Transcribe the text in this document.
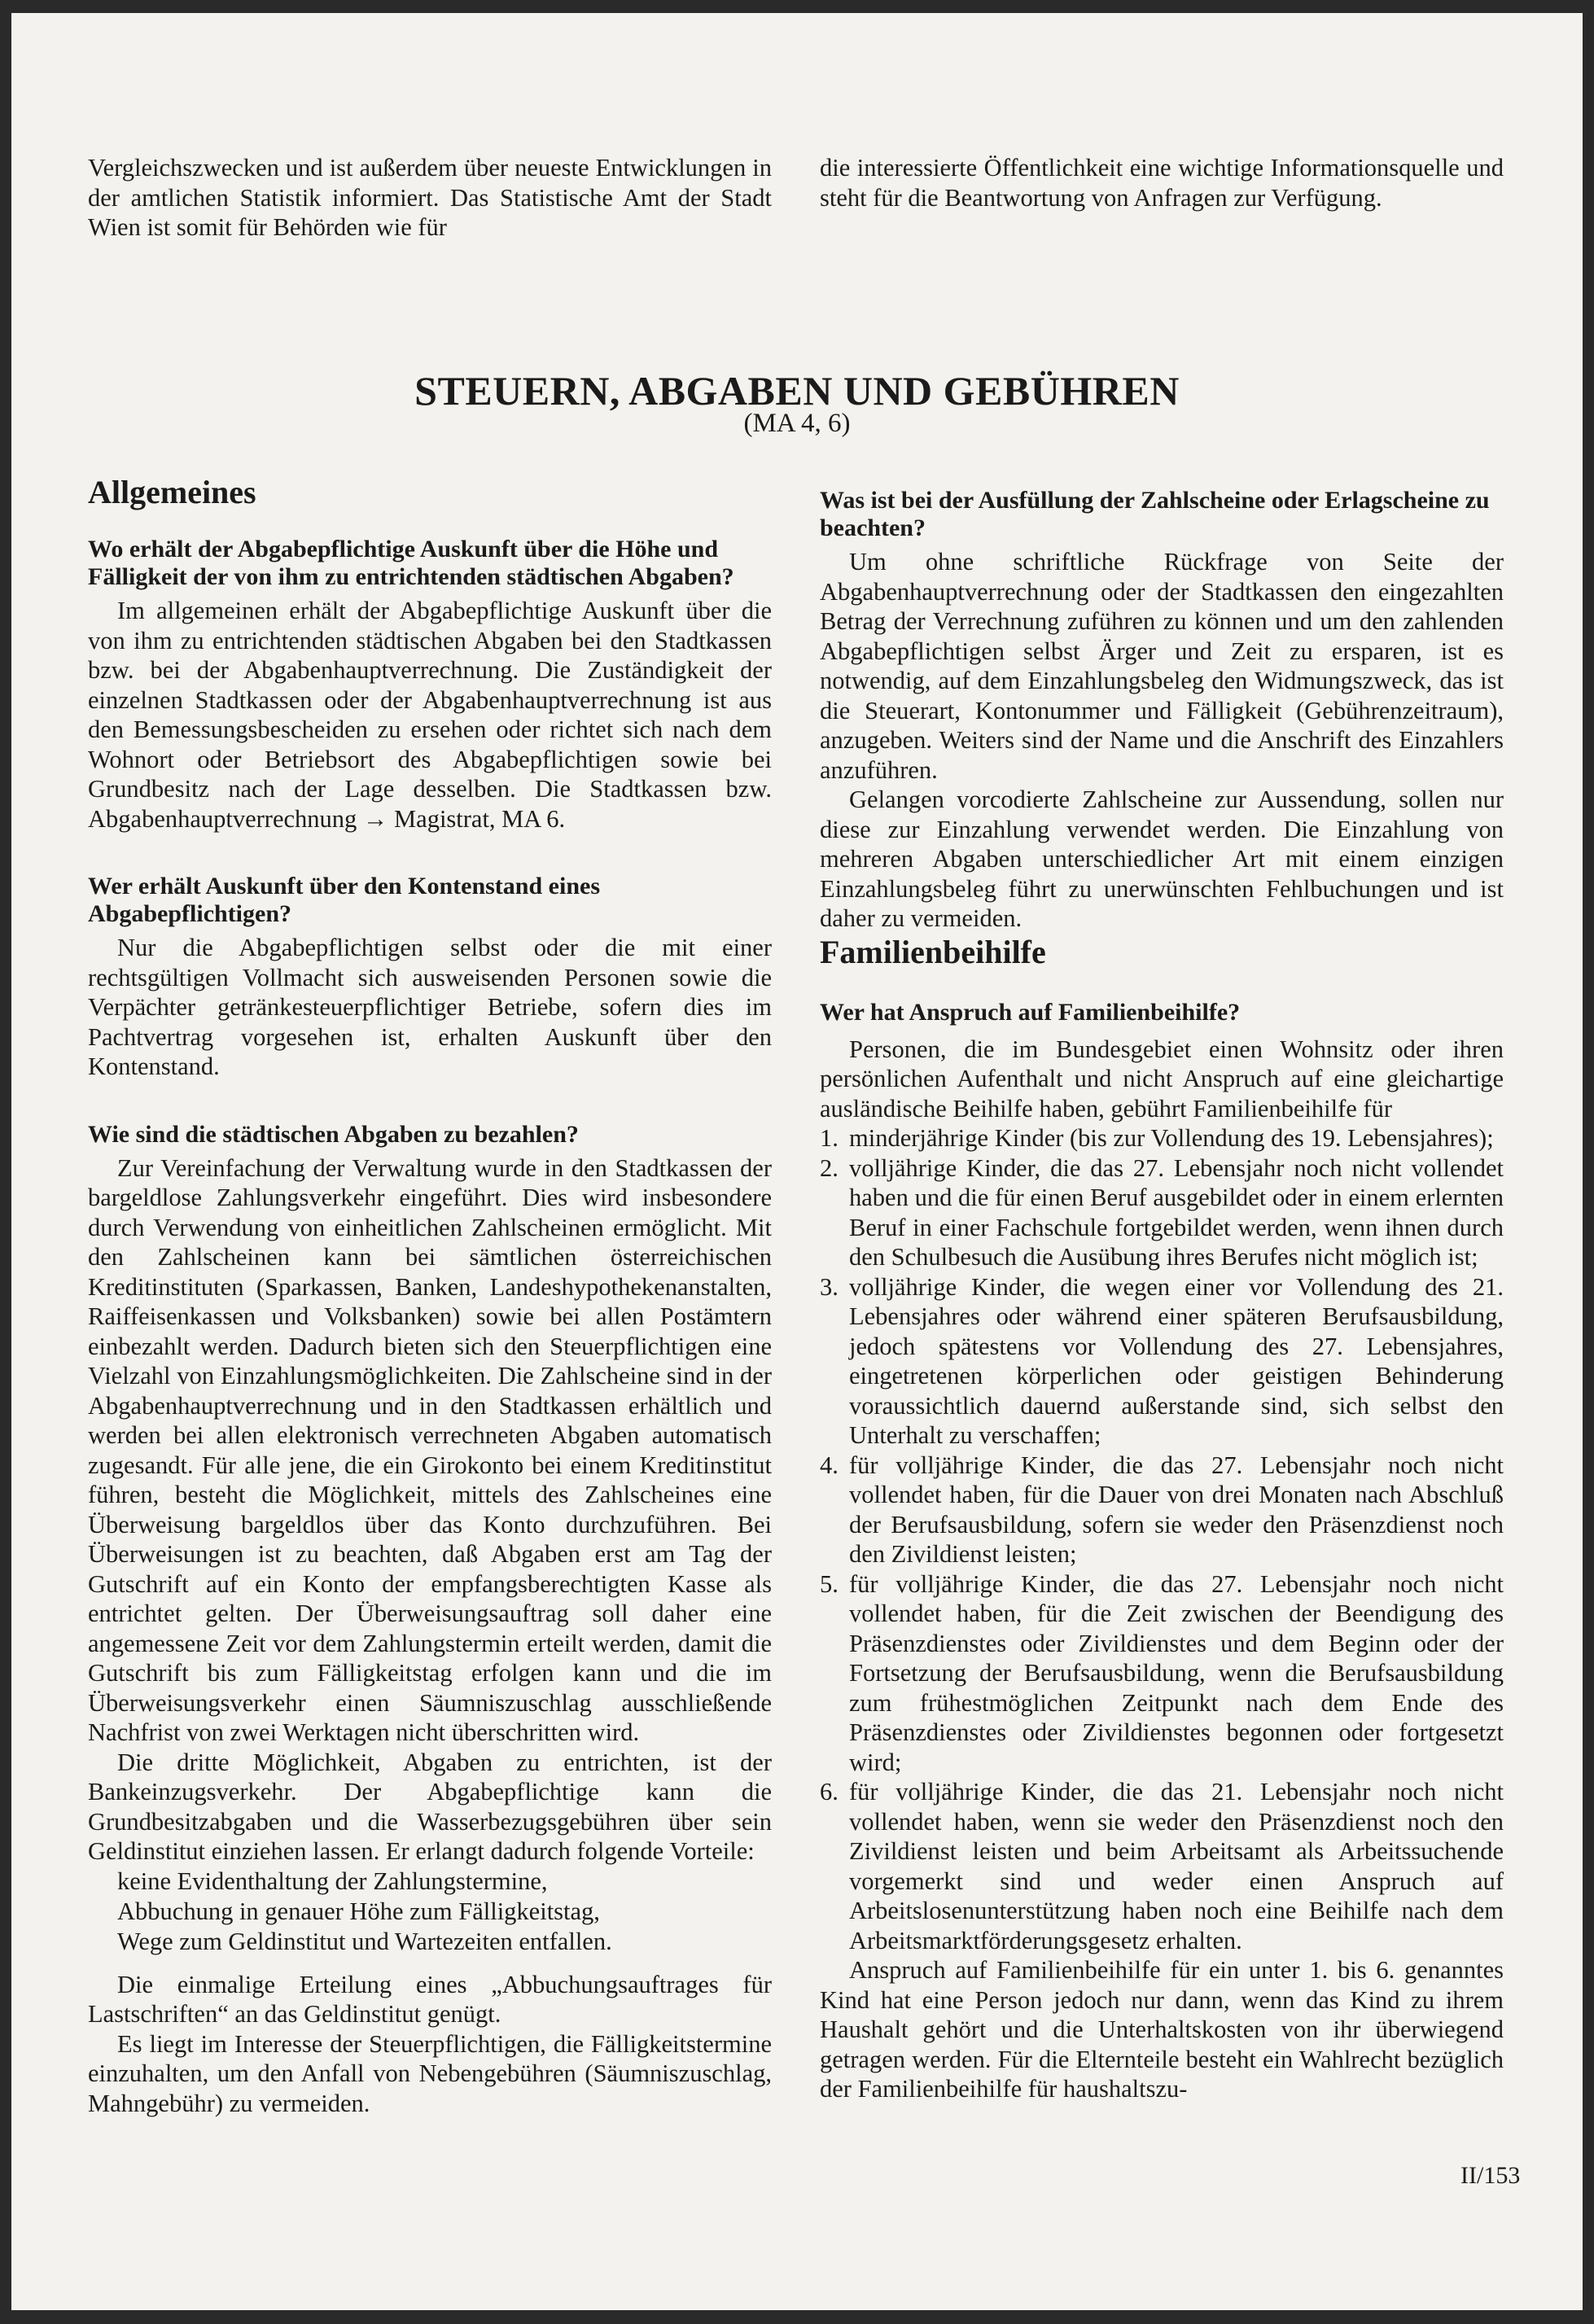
Vergleichszwecken und ist außerdem über neueste Entwicklungen in der amtlichen Statistik informiert. Das Statistische Amt der Stadt Wien ist somit für Behörden wie für

die interessierte Öffentlichkeit eine wichtige Informationsquelle und steht für die Beantwortung von Anfragen zur Verfügung.

STEUERN, ABGABEN UND GEBÜHREN
(MA 4, 6)
Allgemeines
Wo erhält der Abgabepflichtige Auskunft über die Höhe und Fälligkeit der von ihm zu entrichtenden städtischen Abgaben?

Im allgemeinen erhält der Abgabepflichtige Auskunft über die von ihm zu entrichtenden städtischen Abgaben bei den Stadtkassen bzw. bei der Abgabenhauptverrechnung. Die Zuständigkeit der einzelnen Stadtkassen oder der Abgabenhauptverrechnung ist aus den Bemessungsbescheiden zu ersehen oder richtet sich nach dem Wohnort oder Betriebsort des Abgabepflichtigen sowie bei Grundbesitz nach der Lage desselben. Die Stadtkassen bzw. Abgabenhauptverrechnung → Magistrat, MA 6.

Wer erhält Auskunft über den Kontenstand eines Abgabepflichtigen?

Nur die Abgabepflichtigen selbst oder die mit einer rechtsgültigen Vollmacht sich ausweisenden Personen sowie die Verpächter getränkesteuerpflichtiger Betriebe, sofern dies im Pachtvertrag vorgesehen ist, erhalten Auskunft über den Kontenstand.

Wie sind die städtischen Abgaben zu bezahlen?

Zur Vereinfachung der Verwaltung wurde in den Stadtkassen der bargeldlose Zahlungsverkehr eingeführt. Dies wird insbesondere durch Verwendung von einheitlichen Zahlscheinen ermöglicht. Mit den Zahlscheinen kann bei sämtlichen österreichischen Kreditinstituten (Sparkassen, Banken, Landeshypothekenanstalten, Raiffeisenkassen und Volksbanken) sowie bei allen Postämtern einbezahlt werden. Dadurch bieten sich den Steuerpflichtigen eine Vielzahl von Einzahlungsmöglichkeiten. Die Zahlscheine sind in der Abgabenhauptverrechnung und in den Stadtkassen erhältlich und werden bei allen elektronisch verrechneten Abgaben automatisch zugesandt. Für alle jene, die ein Girokonto bei einem Kreditinstitut führen, besteht die Möglichkeit, mittels des Zahlscheines eine Überweisung bargeldlos über das Konto durchzuführen. Bei Überweisungen ist zu beachten, daß Abgaben erst am Tag der Gutschrift auf ein Konto der empfangsberechtigten Kasse als entrichtet gelten. Der Überweisungsauftrag soll daher eine angemessene Zeit vor dem Zahlungstermin erteilt werden, damit die Gutschrift bis zum Fälligkeitstag erfolgen kann und die im Überweisungsverkehr einen Säumniszuschlag ausschließende Nachfrist von zwei Werktagen nicht überschritten wird.

Die dritte Möglichkeit, Abgaben zu entrichten, ist der Bankeinzugsverkehr. Der Abgabepflichtige kann die Grundbesitzabgaben und die Wasserbezugsgebühren über sein Geldinstitut einziehen lassen. Er erlangt dadurch folgende Vorteile:

keine Evidenthaltung der Zahlungstermine,
Abbuchung in genauer Höhe zum Fälligkeitstag,
Wege zum Geldinstitut und Wartezeiten entfallen.

Die einmalige Erteilung eines „Abbuchungsauftrages für Lastschriften“ an das Geldinstitut genügt.

Es liegt im Interesse der Steuerpflichtigen, die Fälligkeitstermine einzuhalten, um den Anfall von Nebengebühren (Säumniszuschlag, Mahngebühr) zu vermeiden.

Was ist bei der Ausfüllung der Zahlscheine oder Erlagscheine zu beachten?

Um ohne schriftliche Rückfrage von Seite der Abgabenhauptverrechnung oder der Stadtkassen den eingezahlten Betrag der Verrechnung zuführen zu können und um den zahlenden Abgabepflichtigen selbst Ärger und Zeit zu ersparen, ist es notwendig, auf dem Einzahlungsbeleg den Widmungszweck, das ist die Steuerart, Kontonummer und Fälligkeit (Gebührenzeitraum), anzugeben. Weiters sind der Name und die Anschrift des Einzahlers anzuführen.

Gelangen vorcodierte Zahlscheine zur Aussendung, sollen nur diese zur Einzahlung verwendet werden. Die Einzahlung von mehreren Abgaben unterschiedlicher Art mit einem einzigen Einzahlungsbeleg führt zu unerwünschten Fehlbuchungen und ist daher zu vermeiden.

Familienbeihilfe
Wer hat Anspruch auf Familienbeihilfe?

Personen, die im Bundesgebiet einen Wohnsitz oder ihren persönlichen Aufenthalt und nicht Anspruch auf eine gleichartige ausländische Beihilfe haben, gebührt Familienbeihilfe für

1. minderjährige Kinder (bis zur Vollendung des 19. Lebensjahres);
2. volljährige Kinder, die das 27. Lebensjahr noch nicht vollendet haben und die für einen Beruf ausgebildet oder in einem erlernten Beruf in einer Fachschule fortgebildet werden, wenn ihnen durch den Schulbesuch die Ausübung ihres Berufes nicht möglich ist;
3. volljährige Kinder, die wegen einer vor Vollendung des 21. Lebensjahres oder während einer späteren Berufsausbildung, jedoch spätestens vor Vollendung des 27. Lebensjahres, eingetretenen körperlichen oder geistigen Behinderung voraussichtlich dauernd außerstande sind, sich selbst den Unterhalt zu verschaffen;
4. für volljährige Kinder, die das 27. Lebensjahr noch nicht vollendet haben, für die Dauer von drei Monaten nach Abschluß der Berufsausbildung, sofern sie weder den Präsenzdienst noch den Zivildienst leisten;
5. für volljährige Kinder, die das 27. Lebensjahr noch nicht vollendet haben, für die Zeit zwischen der Beendigung des Präsenzdienstes oder Zivildienstes und dem Beginn oder der Fortsetzung der Berufsausbildung, wenn die Berufsausbildung zum frühestmöglichen Zeitpunkt nach dem Ende des Präsenzdienstes oder Zivildienstes begonnen oder fortgesetzt wird;
6. für volljährige Kinder, die das 21. Lebensjahr noch nicht vollendet haben, wenn sie weder den Präsenzdienst noch den Zivildienst leisten und beim Arbeitsamt als Arbeitssuchende vorgemerkt sind und weder einen Anspruch auf Arbeitslosenunterstützung haben noch eine Beihilfe nach dem Arbeitsmarktförderungsgesetz erhalten.

Anspruch auf Familienbeihilfe für ein unter 1. bis 6. genanntes Kind hat eine Person jedoch nur dann, wenn das Kind zu ihrem Haushalt gehört und die Unterhaltskosten von ihr überwiegend getragen werden. Für die Elternteile besteht ein Wahlrecht bezüglich der Familienbeihilfe für haushaltszu-

II/153
